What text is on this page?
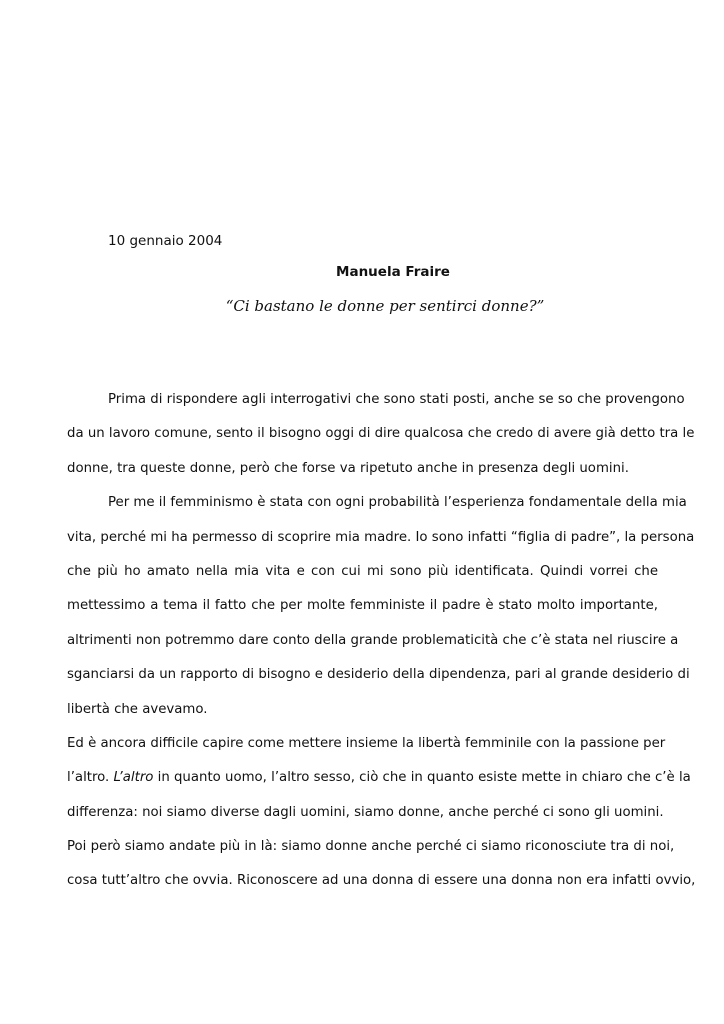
10 gennaio 2004
Manuela Fraire
“Ci bastano le donne per sentirci donne?”
Prima di rispondere agli interrogativi che sono stati posti, anche se so che provengono
da un lavoro comune, sento il bisogno oggi di dire qualcosa che credo di avere già detto tra le
donne, tra queste donne, però che forse va ripetuto anche in presenza degli uomini.
Per me il femminismo è stata con ogni probabilità l’esperienza fondamentale della mia
vita, perché mi ha permesso di scoprire mia madre. Io sono infatti “figlia di padre”, la persona
che più ho amato nella mia vita e con cui mi sono più identificata. Quindi vorrei che
mettessimo a tema il fatto che per molte femministe il padre è stato molto importante,
altrimenti non potremmo dare conto della grande problematicità che c’è stata nel riuscire a
sganciarsi da un rapporto di bisogno e desiderio della dipendenza, pari al grande desiderio di
libertà che avevamo.
Ed è ancora difficile capire come mettere insieme la libertà femminile con la passione per
l’altro. L’altro in quanto uomo, l’altro sesso, ciò che in quanto esiste mette in chiaro che c’è la
differenza: noi siamo diverse dagli uomini, siamo donne, anche perché ci sono gli uomini.
Poi però siamo andate più in là: siamo donne anche perché ci siamo riconosciute tra di noi,
cosa tutt’altro che ovvia. Riconoscere ad una donna di essere una donna non era infatti ovvio,
